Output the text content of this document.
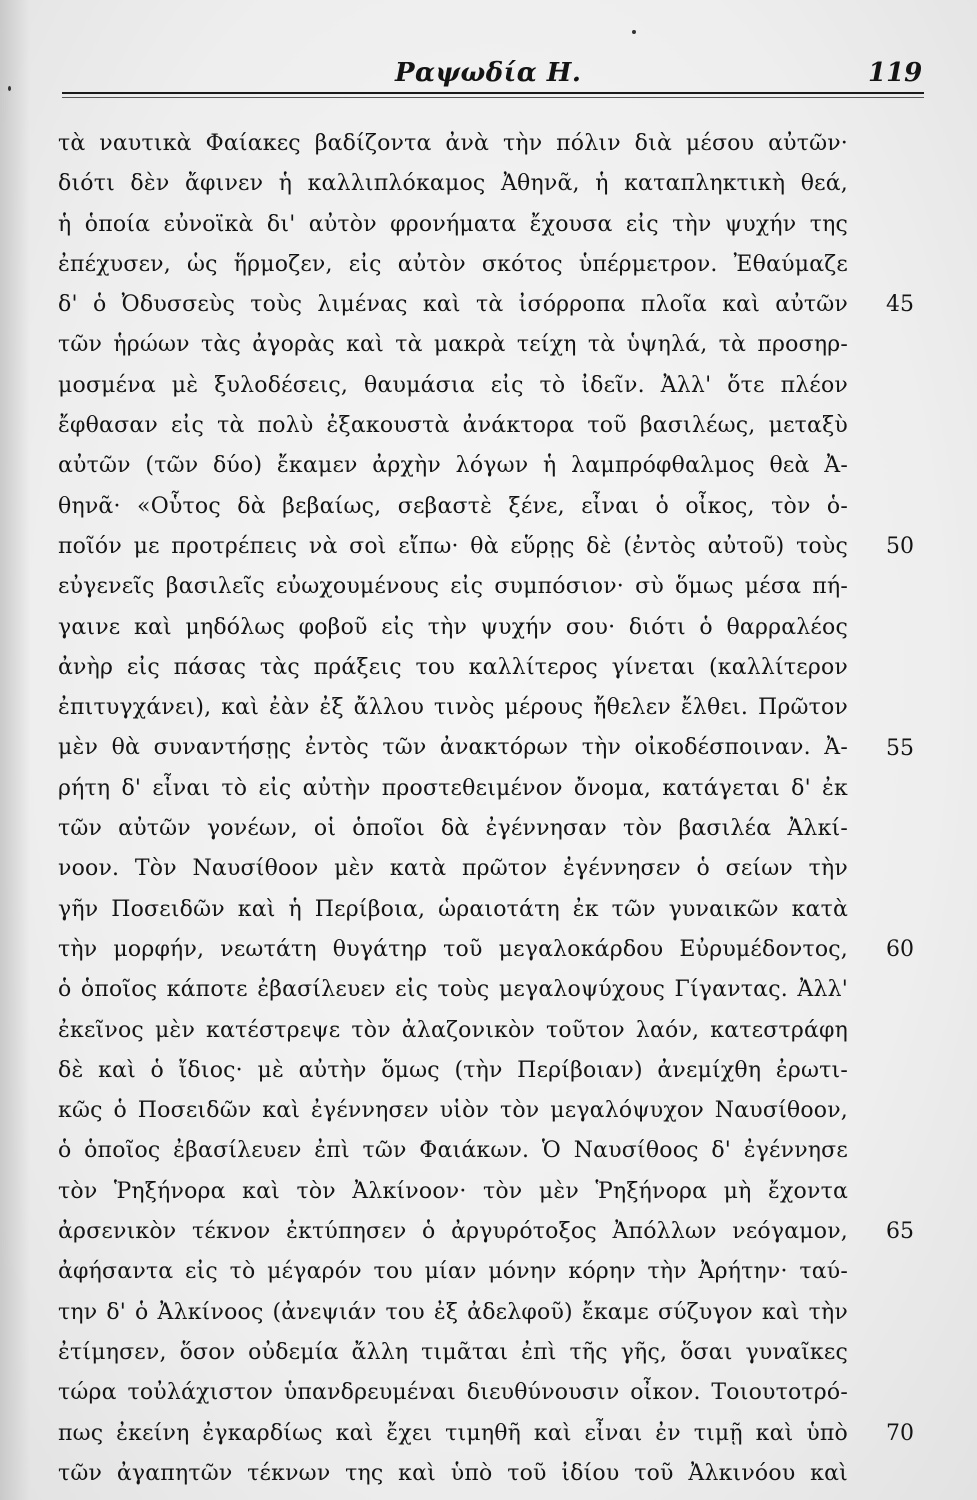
Ραψωδία Η.	119
τὰ ναυτικὰ Φαίακες βαδίζοντα ἀνὰ τὴν πόλιν διὰ μέσου αὐτῶν·
διότι δὲν ἄφινεν ἡ καλλιπλόκαμος Ἀθηνᾶ, ἡ καταπληκτικὴ θεά,
ἡ ὁποία εὐνοϊκὰ δι' αὐτὸν φρονήματα ἔχουσα εἰς τὴν ψυχήν της
ἐπέχυσεν, ὡς ἥρμοζεν, εἰς αὐτὸν σκότος ὑπέρμετρον. Ἐθαύμαζε
δ' ὁ Ὀδυσσεὺς τοὺς λιμένας καὶ τὰ ἰσόρροπα πλοῖα καὶ αὐτῶν
τῶν ἡρώων τὰς ἀγορὰς καὶ τὰ μακρὰ τείχη τὰ ὑψηλά, τὰ προσηρ-
μοσμένα μὲ ξυλοδέσεις, θαυμάσια εἰς τὸ ἰδεῖν. Ἀλλ' ὅτε πλέον
ἔφθασαν εἰς τὰ πολὺ ἐξακουστὰ ἀνάκτορα τοῦ βασιλέως, μεταξὺ
αὐτῶν (τῶν δύο) ἔκαμεν ἀρχὴν λόγων ἡ λαμπρόφθαλμος θεὰ Ἀ-
θηνᾶ· «Οὗτος δὰ βεβαίως, σεβαστὲ ξένε, εἶναι ὁ οἶκος, τὸν ὁ-
ποῖόν με προτρέπεις νὰ σοὶ εἴπω· θὰ εὕρῃς δὲ (ἐντὸς αὐτοῦ) τοὺς
εὐγενεῖς βασιλεῖς εὐωχουμένους εἰς συμπόσιον· σὺ ὅμως μέσα πή-
γαινε καὶ μηδόλως φοβοῦ εἰς τὴν ψυχήν σου· διότι ὁ θαρραλέος
ἀνὴρ εἰς πάσας τὰς πράξεις του καλλίτερος γίνεται (καλλίτερον
ἐπιτυγχάνει), καὶ ἐὰν ἐξ ἄλλου τινὸς μέρους ἤθελεν ἔλθει. Πρῶτον
μὲν θὰ συναντήσῃς ἐντὸς τῶν ἀνακτόρων τὴν οἰκοδέσποιναν. Ἀ-
ρήτη δ' εἶναι τὸ εἰς αὐτὴν προστεθειμένον ὄνομα, κατάγεται δ' ἐκ
τῶν αὐτῶν γονέων, οἱ ὁποῖοι δὰ ἐγέννησαν τὸν βασιλέα Ἀλκί-
νοον. Τὸν Ναυσίθοον μὲν κατὰ πρῶτον ἐγέννησεν ὁ σείων τὴν
γῆν Ποσειδῶν καὶ ἡ Περίβοια, ὡραιοτάτη ἐκ τῶν γυναικῶν κατὰ
τὴν μορφήν, νεωτάτη θυγάτηρ τοῦ μεγαλοκάρδου Εὐρυμέδοντος,
ὁ ὁποῖος κάποτε ἐβασίλευεν εἰς τοὺς μεγαλοψύχους Γίγαντας. Ἀλλ'
ἐκεῖνος μὲν κατέστρεψε τὸν ἀλαζονικὸν τοῦτον λαόν, κατεστράφη
δὲ καὶ ὁ ἴδιος· μὲ αὐτὴν ὅμως (τὴν Περίβοιαν) ἀνεμίχθη ἐρωτι-
κῶς ὁ Ποσειδῶν καὶ ἐγέννησεν υἱὸν τὸν μεγαλόψυχον Ναυσίθοον,
ὁ ὁποῖος ἐβασίλευεν ἐπὶ τῶν Φαιάκων. Ὁ Ναυσίθοος δ' ἐγέννησε
τὸν Ῥηξήνορα καὶ τὸν Ἀλκίνοον· τὸν μὲν Ῥηξήνορα μὴ ἔχοντα
ἀρσενικὸν τέκνον ἐκτύπησεν ὁ ἀργυρότοξος Ἀπόλλων νεόγαμον,
ἀφήσαντα εἰς τὸ μέγαρόν του μίαν μόνην κόρην τὴν Ἀρήτην· ταύ-
την δ' ὁ Ἀλκίνοος (ἀνεψιάν του ἐξ ἀδελφοῦ) ἔκαμε σύζυγον καὶ τὴν
ἐτίμησεν, ὅσον οὐδεμία ἄλλη τιμᾶται ἐπὶ τῆς γῆς, ὅσαι γυναῖκες
τώρα τοὐλάχιστον ὑπανδρευμέναι διευθύνουσιν οἶκον. Τοιουτοτρό-
πως ἐκείνη ἐγκαρδίως καὶ ἔχει τιμηθῆ καὶ εἶναι ἐν τιμῇ καὶ ὑπὸ
τῶν ἀγαπητῶν τέκνων της καὶ ὑπὸ τοῦ ἰδίου τοῦ Ἀλκινόου καὶ
45
50
55
60
65
70
